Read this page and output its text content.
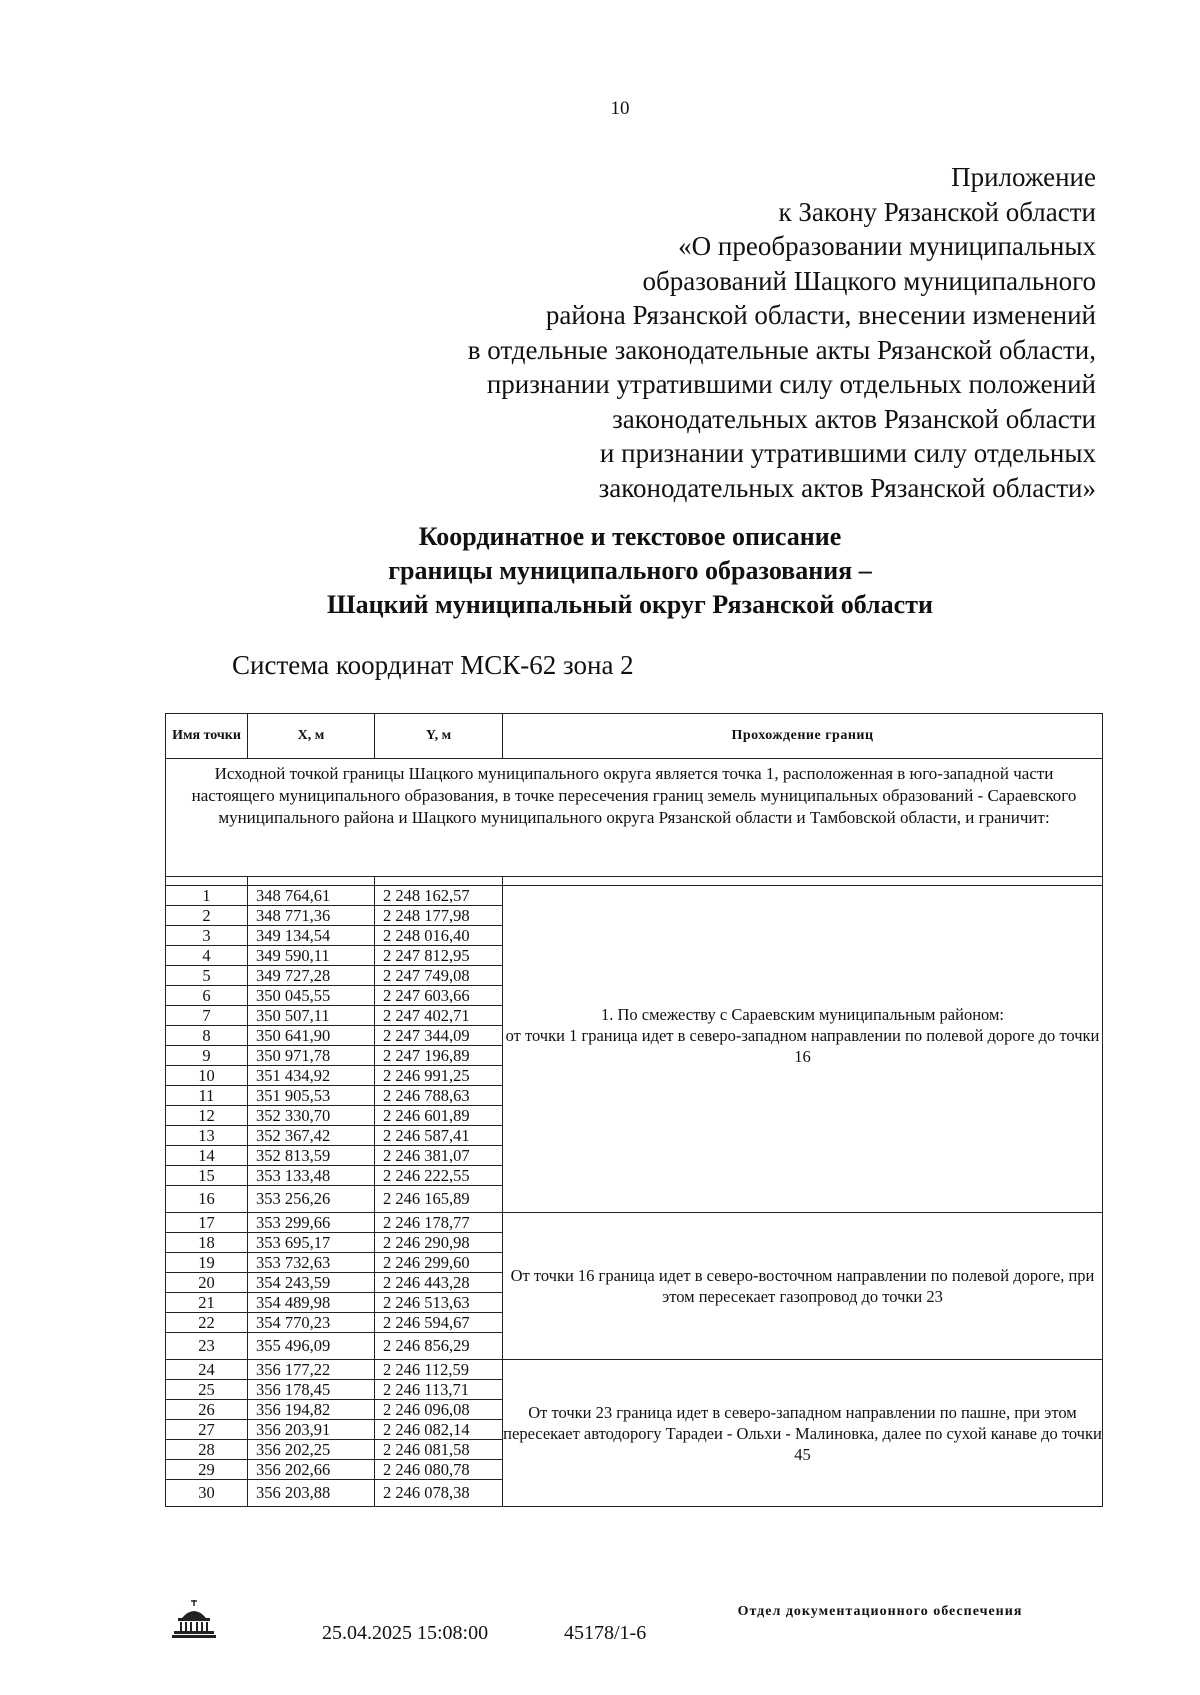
10
Приложение
к Закону Рязанской области
«О преобразовании муниципальных
образований Шацкого муниципального
района Рязанской области, внесении изменений
в отдельные законодательные акты Рязанской области,
признании утратившими силу отдельных положений
законодательных актов Рязанской области
и признании утратившими силу отдельных
законодательных актов Рязанской области»
Координатное и текстовое описание
границы муниципального образования –
Шацкий муниципальный округ Рязанской области
Система координат МСК-62 зона 2
Имя точки	X, м	Y, м	Прохождение границ
Исходной точкой границы Шацкого муниципального округа является точка 1, расположенная в юго-западной части настоящего муниципального образования, в точке пересечения границ земель муниципальных образований - Сараевского муниципального района и Шацкого муниципального округа Рязанской области и Тамбовской области, и граничит:			

1	348 764,61	2 248 162,57	1. По смежеству с Сараевским муниципальным районом:
от точки 1 граница идет в северо-западном направлении по полевой дороге до точки 16

2	348 771,36	2 248 177,98	
3	349 134,54	2 248 016,40	
4	349 590,11	2 247 812,95	
5	349 727,28	2 247 749,08	
6	350 045,55	2 247 603,66	
7	350 507,11	2 247 402,71	
8	350 641,90	2 247 344,09	
9	350 971,78	2 247 196,89	
10	351 434,92	2 246 991,25	
11	351 905,53	2 246 788,63	
12	352 330,70	2 246 601,89	
13	352 367,42	2 246 587,41	
14	352 813,59	2 246 381,07	
15	353 133,48	2 246 222,55	
16	353 256,26	2 246 165,89	
17	353 299,66	2 246 178,77	От точки 16 граница идет в северо-восточном направлении по полевой дороге, при этом пересекает газопровод до точки 23

18	353 695,17	2 246 290,98	
19	353 732,63	2 246 299,60	
20	354 243,59	2 246 443,28	
21	354 489,98	2 246 513,63	
22	354 770,23	2 246 594,67	
23	355 496,09	2 246 856,29	
24	356 177,22	2 246 112,59	От точки 23 граница идет в северо-западном направлении по пашне, при этом пересекает автодорогу Тарадеи - Ольхи - Малиновка, далее по сухой канаве до точки 45

25	356 178,45	2 246 113,71	
26	356 194,82	2 246 096,08	
27	356 203,91	2 246 082,14	
28	356 202,25	2 246 081,58	
29	356 202,66	2 246 080,78	
30	356 203,88	2 246 078,38	
25.04.2025 15:08:00	45178/1-6
Отдел документационного обеспечения
